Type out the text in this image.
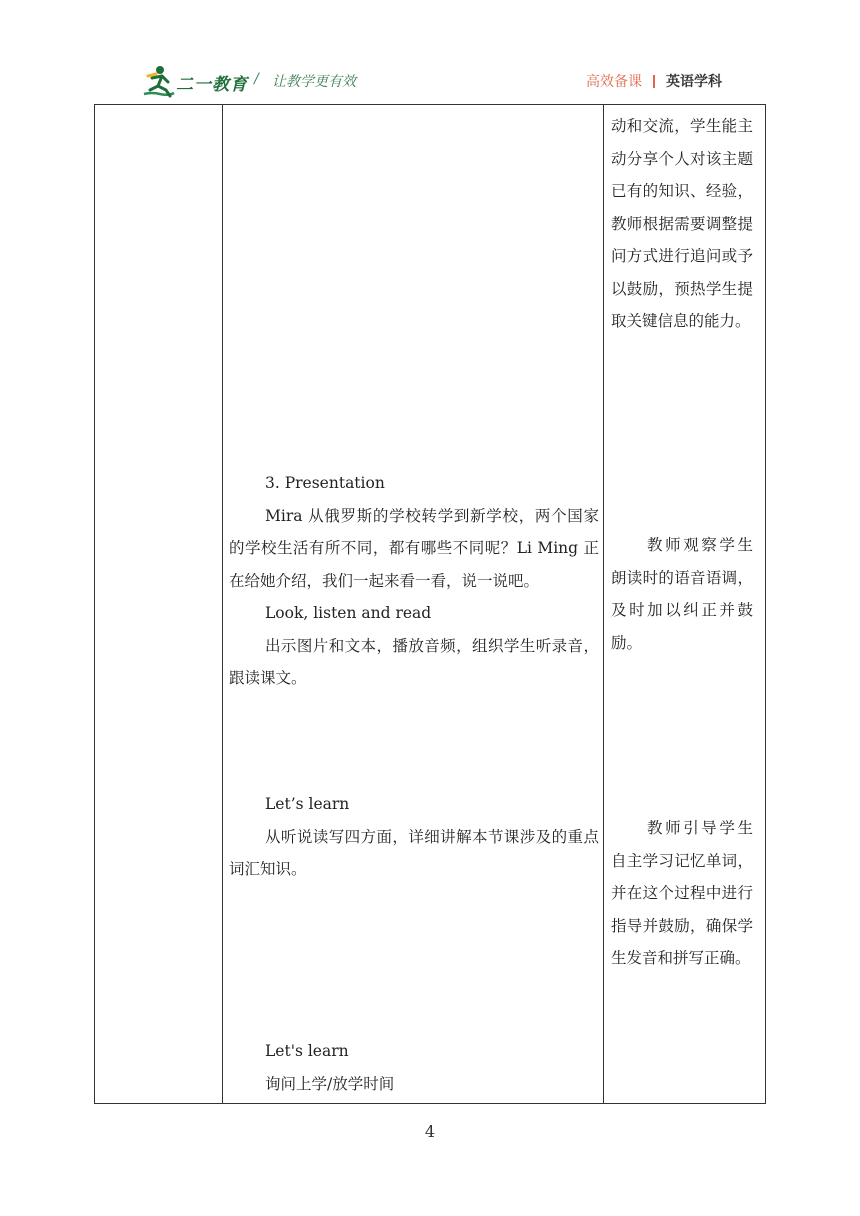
二一教育 / 让教学更有效	高效备课 英语学科

动和交流，学生能主动分享个人对该主题已有的知识、经验，教师根据需要调整提问方式进行追问或予以鼓励，预热学生提取关键信息的能力。

3. Presentation

Mira 从俄罗斯的学校转学到新学校，两个国家的学校生活有所不同，都有哪些不同呢？Li Ming 正在给她介绍，我们一起来看一看，说一说吧。

Look, listen and read

出示图片和文本，播放音频，组织学生听录音，跟读课文。

教师观察学生朗读时的语音语调，及时加以纠正并鼓励。

Let’s learn

从听说读写四方面，详细讲解本节课涉及的重点词汇知识。

教师引导学生自主学习记忆单词，并在这个过程中进行指导并鼓励，确保学生发音和拼写正确。

Let's learn

询问上学/放学时间

4
